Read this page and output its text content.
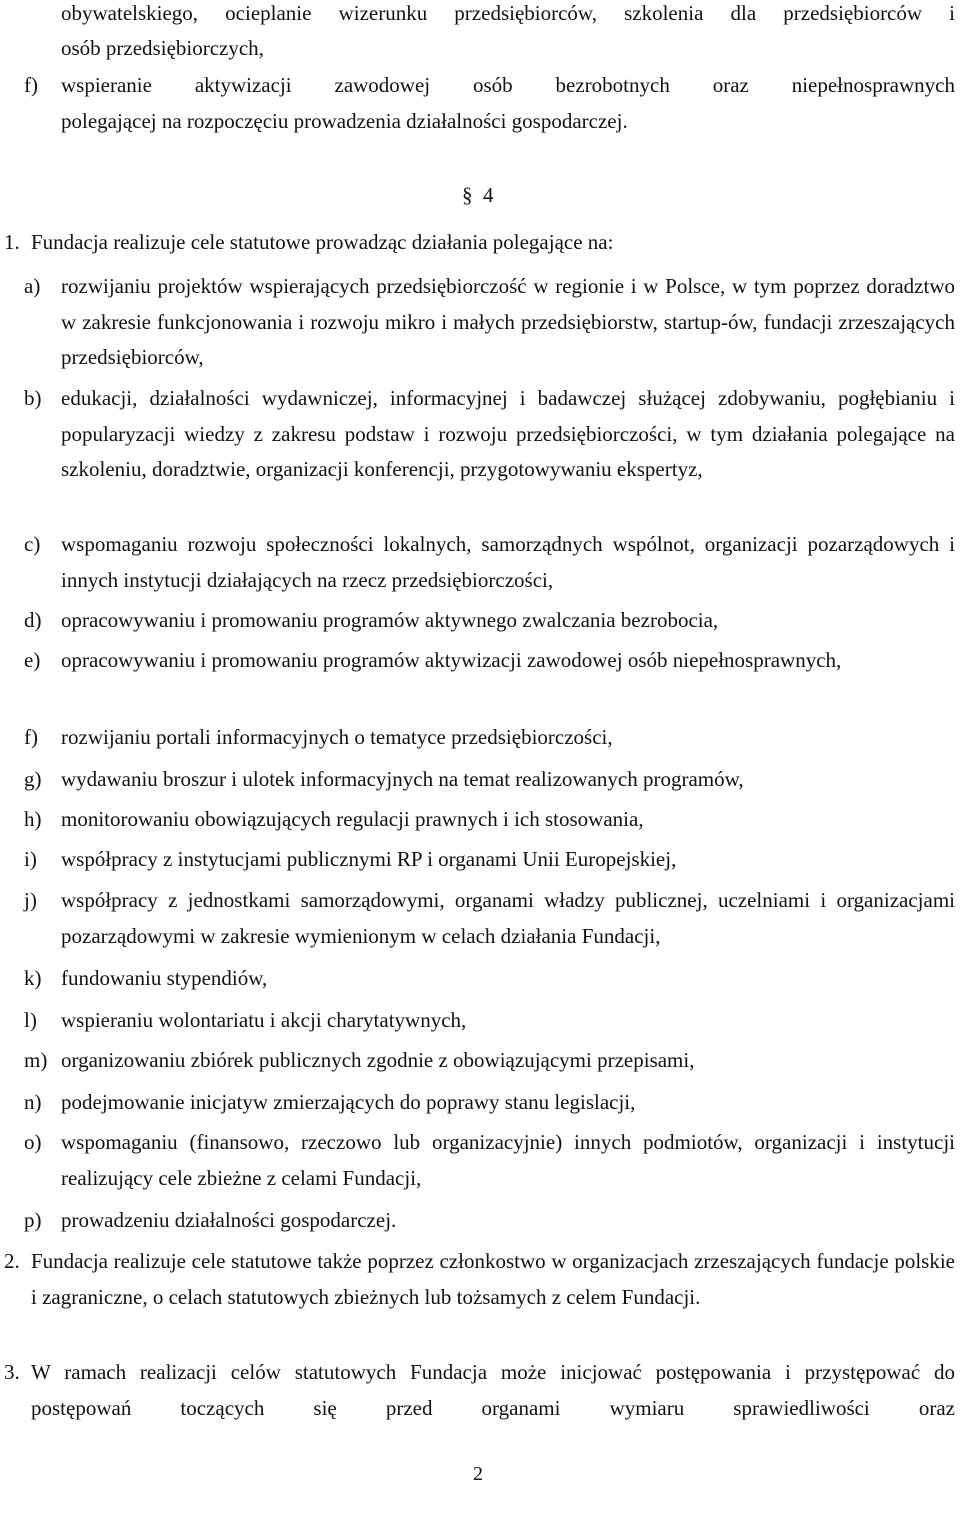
obywatelskiego, ocieplanie wizerunku przedsiębiorców, szkolenia dla przedsiębiorców i
osób przedsiębiorczych,
f) wspieranie aktywizacji zawodowej osób bezrobotnych oraz niepełnosprawnych
polegającej na rozpoczęciu prowadzenia działalności gospodarczej.
§ 4
1. Fundacja realizuje cele statutowe prowadząc działania polegające na:
a) rozwijaniu projektów wspierających przedsiębiorczość w regionie i w Polsce, w tym poprzez doradztwo w zakresie funkcjonowania i rozwoju mikro i małych przedsiębiorstw, startup-ów, fundacji zrzeszających przedsiębiorców,
b) edukacji, działalności wydawniczej, informacyjnej i badawczej służącej zdobywaniu, pogłębianiu i popularyzacji wiedzy z zakresu podstaw i rozwoju przedsiębiorczości, w tym działania polegające na szkoleniu, doradztwie, organizacji konferencji, przygotowywaniu ekspertyz,
c) wspomaganiu rozwoju społeczności lokalnych, samorządnych wspólnot, organizacji pozarządowych i innych instytucji działających na rzecz przedsiębiorczości,
d) opracowywaniu i promowaniu programów aktywnego zwalczania bezrobocia,
e) opracowywaniu i promowaniu programów aktywizacji zawodowej osób niepełnosprawnych,
f) rozwijaniu portali informacyjnych o tematyce przedsiębiorczości,
g) wydawaniu broszur i ulotek informacyjnych na temat realizowanych programów,
h) monitorowaniu obowiązujących regulacji prawnych i ich stosowania,
i) współpracy z instytucjami publicznymi RP i organami Unii Europejskiej,
j) współpracy z jednostkami samorządowymi, organami władzy publicznej, uczelniami i organizacjami pozarządowymi w zakresie wymienionym w celach działania Fundacji,
k) fundowaniu stypendiów,
l) wspieraniu wolontariatu i akcji charytatywnych,
m) organizowaniu zbiórek publicznych zgodnie z obowiązującymi przepisami,
n) podejmowanie inicjatyw zmierzających do poprawy stanu legislacji,
o) wspomaganiu (finansowo, rzeczowo lub organizacyjnie) innych podmiotów, organizacji i instytucji realizujący cele zbieżne z celami Fundacji,
p) prowadzeniu działalności gospodarczej.
2. Fundacja realizuje cele statutowe także poprzez członkostwo w organizacjach zrzeszających fundacje polskie i zagraniczne, o celach statutowych zbieżnych lub tożsamych z celem Fundacji.
3. W ramach realizacji celów statutowych Fundacja może inicjować postępowania i przystępować do postępowań toczących się przed organami wymiaru sprawiedliwości oraz
2
